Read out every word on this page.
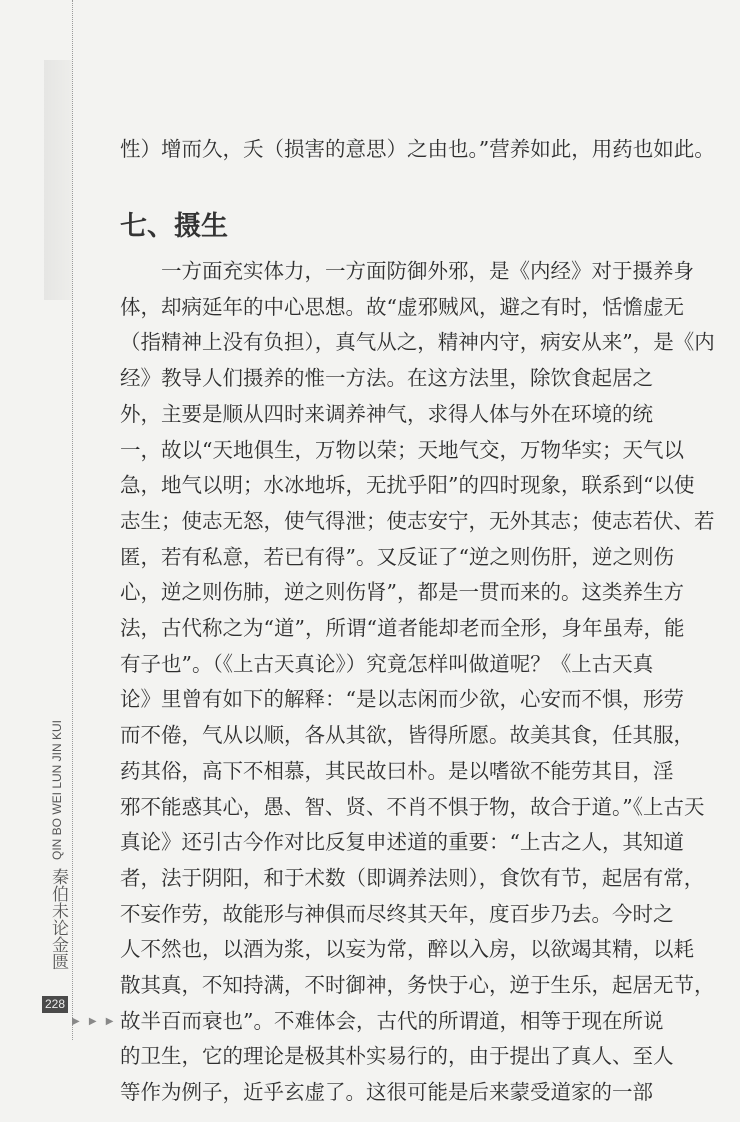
性）增而久，夭（损害的意思）之由也。”营养如此，用药也如此。
七、摄生
　　一方面充实体力，一方面防御外邪，是《内经》对于摄养身
体，却病延年的中心思想。故“虚邪贼风，避之有时，恬憺虚无
（指精神上没有负担），真气从之，精神内守，病安从来”，是《内
经》教导人们摄养的惟一方法。在这方法里，除饮食起居之
外，主要是顺从四时来调养神气，求得人体与外在环境的统
一，故以“天地俱生，万物以荣；天地气交，万物华实；天气以
急，地气以明；水冰地坼，无扰乎阳”的四时现象，联系到“以使
志生；使志无怒，使气得泄；使志安宁，无外其志；使志若伏、若
匿，若有私意，若已有得”。又反证了“逆之则伤肝，逆之则伤
心，逆之则伤肺，逆之则伤肾”，都是一贯而来的。这类养生方
法，古代称之为“道”，所谓“道者能却老而全形，身年虽寿，能
有子也”。（《上古天真论》）究竟怎样叫做道呢？《上古天真
论》里曾有如下的解释：“是以志闲而少欲，心安而不惧，形劳
而不倦，气从以顺，各从其欲，皆得所愿。故美其食，任其服，
药其俗，高下不相慕，其民故曰朴。是以嗜欲不能劳其目，淫
邪不能惑其心，愚、智、贤、不肖不惧于物，故合于道。”《上古天
真论》还引古今作对比反复申述道的重要：“上古之人，其知道
者，法于阴阳，和于术数（即调养法则），食饮有节，起居有常，
不妄作劳，故能形与神俱而尽终其天年，度百步乃去。今时之
人不然也，以酒为浆，以妄为常，醉以入房，以欲竭其精，以耗
散其真，不知持满，不时御神，务快于心，逆于生乐，起居无节，
故半百而衰也”。不难体会，古代的所谓道，相等于现在所说
的卫生，它的理论是极其朴实易行的，由于提出了真人、至人
等作为例子，近乎玄虚了。这很可能是后来蒙受道家的一部
QIN BO WEI LUN JIN KUI
秦伯未论金匮
228
▶ ▶ ▶
